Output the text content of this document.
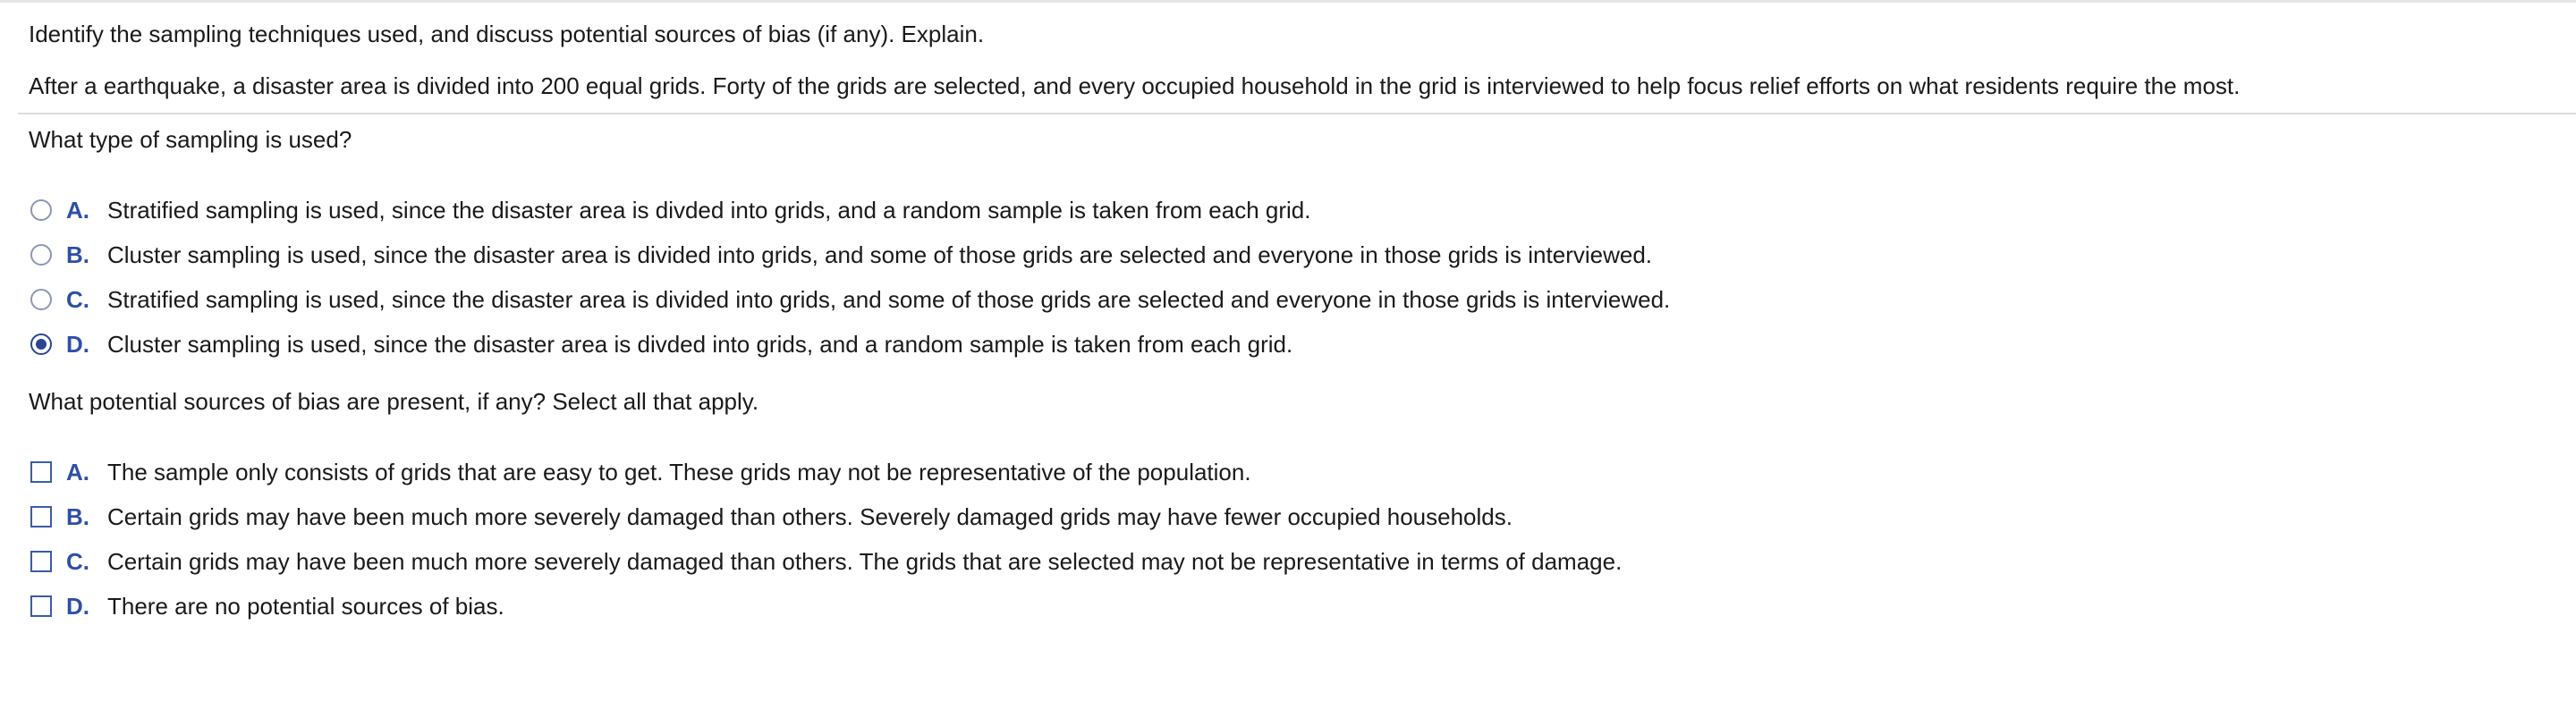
Identify the sampling techniques used, and discuss potential sources of bias (if any). Explain.
After a earthquake, a disaster area is divided into 200 equal grids. Forty of the grids are selected, and every occupied household in the grid is interviewed to help focus relief efforts on what residents require the most.
What type of sampling is used?
A. Stratified sampling is used, since the disaster area is divded into grids, and a random sample is taken from each grid.
B. Cluster sampling is used, since the disaster area is divided into grids, and some of those grids are selected and everyone in those grids is interviewed.
C. Stratified sampling is used, since the disaster area is divided into grids, and some of those grids are selected and everyone in those grids is interviewed.
D. Cluster sampling is used, since the disaster area is divded into grids, and a random sample is taken from each grid.
What potential sources of bias are present, if any? Select all that apply.
A. The sample only consists of grids that are easy to get. These grids may not be representative of the population.
B. Certain grids may have been much more severely damaged than others. Severely damaged grids may have fewer occupied households.
C. Certain grids may have been much more severely damaged than others. The grids that are selected may not be representative in terms of damage.
D. There are no potential sources of bias.
